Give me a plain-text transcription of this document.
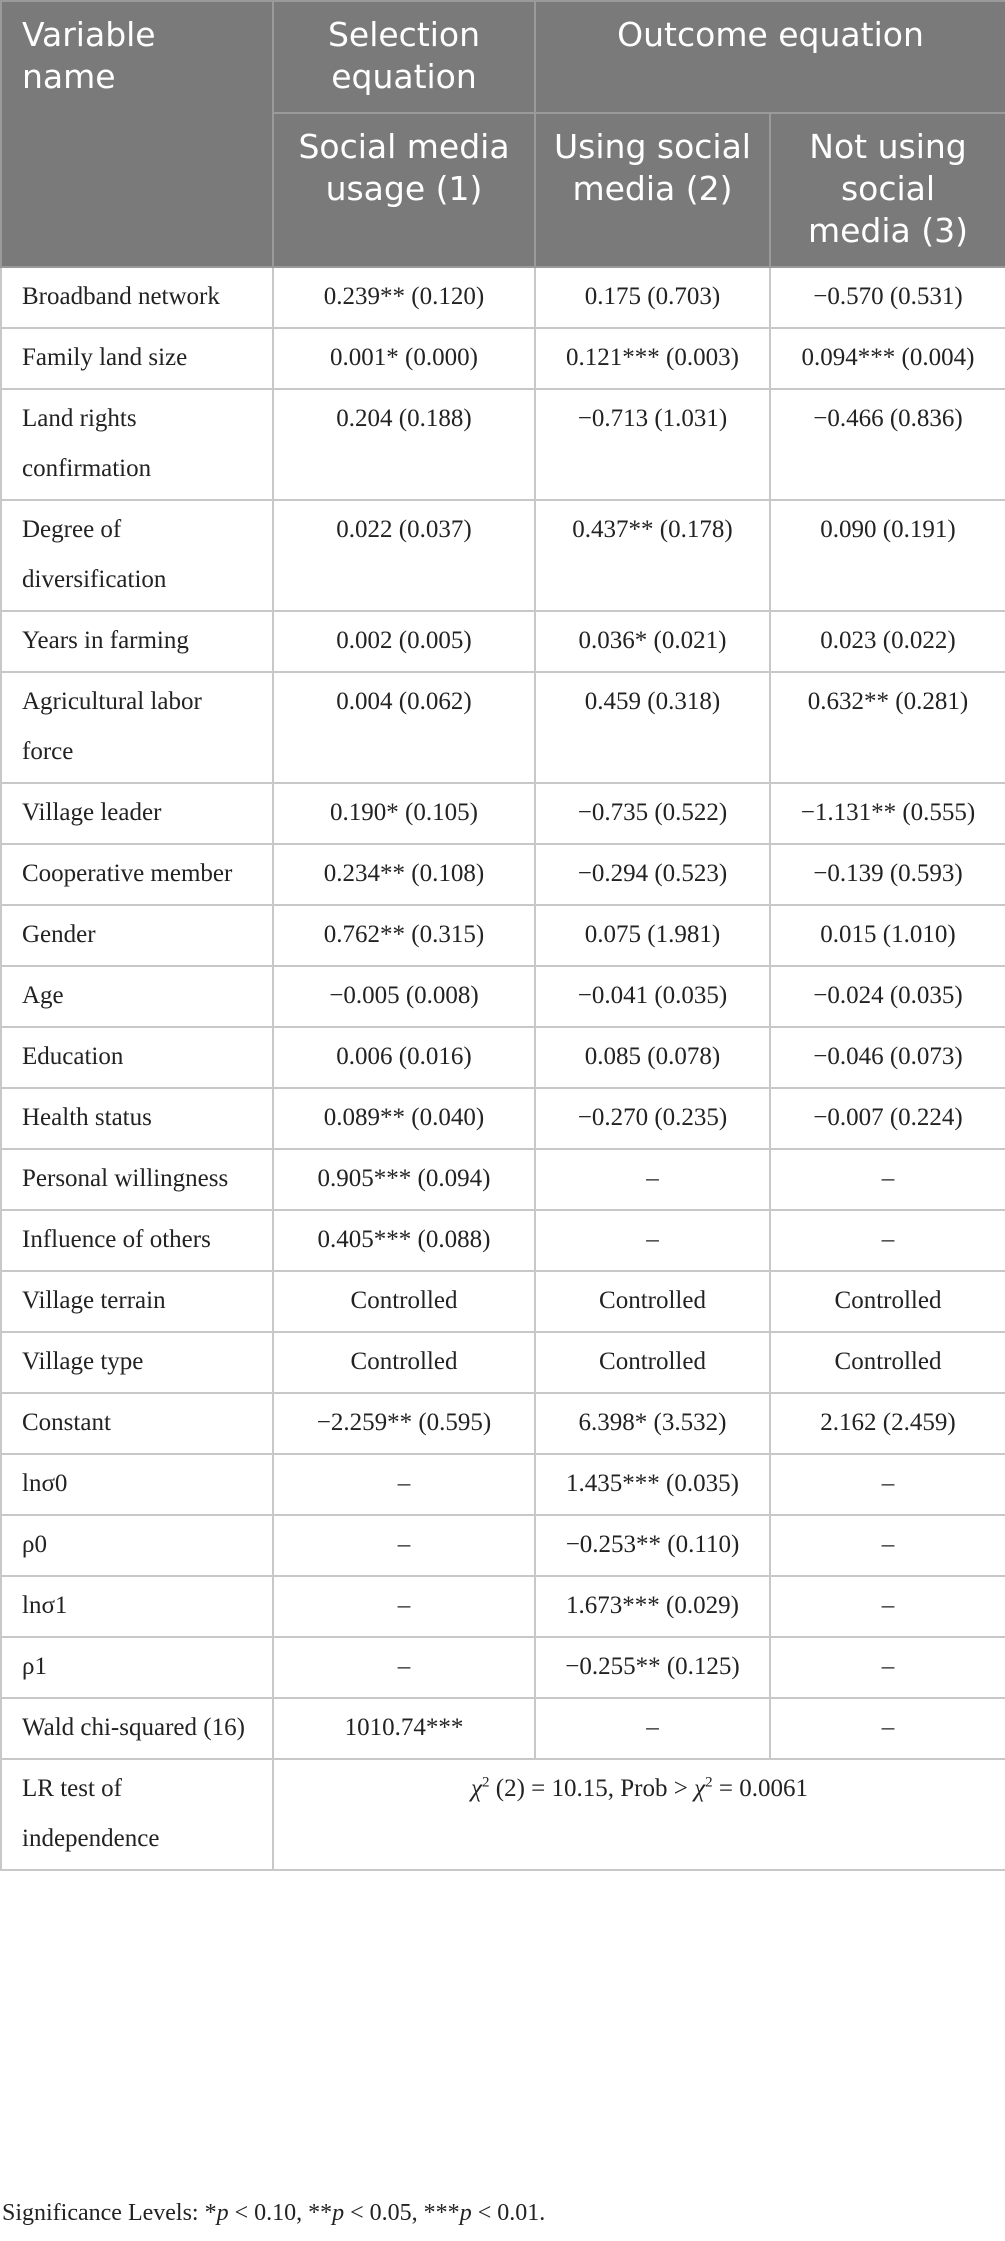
Variable name	Selection equation	Outcome equation	
	Social media usage (1)	Using social media (2)	Not using social media (3)
Broadband network	0.239** (0.120)	0.175 (0.703)	−0.570 (0.531)
Family land size	0.001* (0.000)	0.121*** (0.003)	0.094*** (0.004)
Land rights confirmation	0.204 (0.188)	−0.713 (1.031)	−0.466 (0.836)
Degree of diversification	0.022 (0.037)	0.437** (0.178)	0.090 (0.191)
Years in farming	0.002 (0.005)	0.036* (0.021)	0.023 (0.022)
Agricultural labor force	0.004 (0.062)	0.459 (0.318)	0.632** (0.281)
Village leader	0.190* (0.105)	−0.735 (0.522)	−1.131** (0.555)
Cooperative member	0.234** (0.108)	−0.294 (0.523)	−0.139 (0.593)
Gender	0.762** (0.315)	0.075 (1.981)	0.015 (1.010)
Age	−0.005 (0.008)	−0.041 (0.035)	−0.024 (0.035)
Education	0.006 (0.016)	0.085 (0.078)	−0.046 (0.073)
Health status	0.089** (0.040)	−0.270 (0.235)	−0.007 (0.224)
Personal willingness	0.905*** (0.094)	–	–
Influence of others	0.405*** (0.088)	–	–
Village terrain	Controlled	Controlled	Controlled
Village type	Controlled	Controlled	Controlled
Constant	−2.259** (0.595)	6.398* (3.532)	2.162 (2.459)
lnσ0	–	1.435*** (0.035)	–
ρ0	–	−0.253** (0.110)	–
lnσ1	–	1.673*** (0.029)	–
ρ1	–	−0.255** (0.125)	–
Wald chi-squared (16)	1010.74***	–	–
LR test of independence	$\chi^2$ (2) = 10.15, Prob > $\chi^2 = 0.0061$		
Significance Levels: *p < 0.10, **p < 0.05, ***p < 0.01.
